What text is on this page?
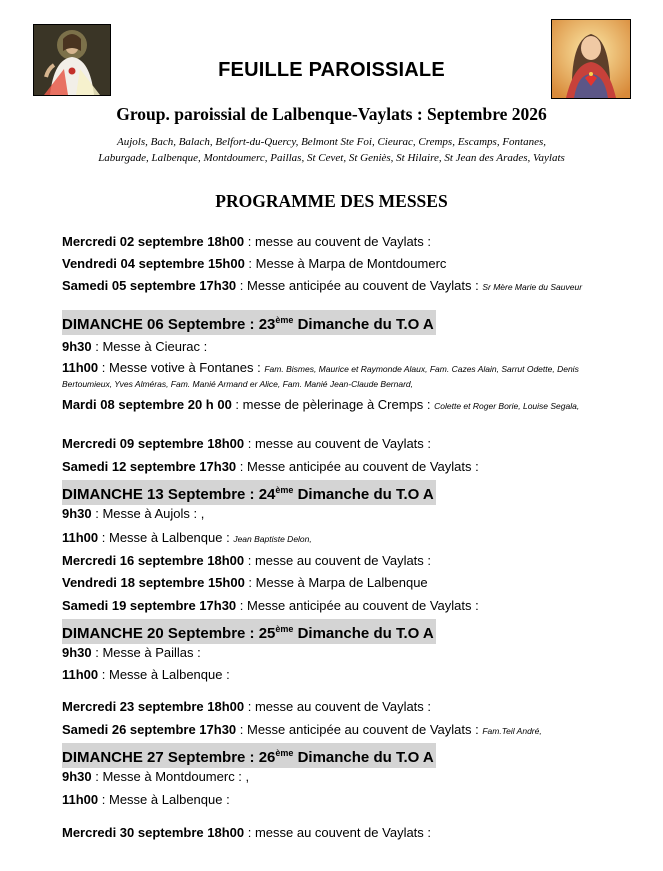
FEUILLE PAROISSIALE
Group. paroissial de Lalbenque-Vaylats : Septembre 2026
Aujols, Bach, Balach, Belfort-du-Quercy, Belmont Ste Foi, Cieurac, Cremps, Escamps, Fontanes,
Laburgade, Lalbenque, Montdoumerc, Paillas, St Cevet, St Geniès, St Hilaire, St Jean des Arades, Vaylats
PROGRAMME DES MESSES
Mercredi 02 septembre 18h00 : messe au couvent de Vaylats :
Vendredi 04 septembre 15h00 : Messe à Marpa de Montdoumerc
Samedi 05 septembre 17h30 : Messe anticipée au couvent de Vaylats : Sr Mère Marie du Sauveur
DIMANCHE 06 Septembre : 23ème Dimanche du T.O A
9h30 : Messe à Cieurac :
11h00 : Messe votive à Fontanes : Fam. Bismes, Maurice et Raymonde Alaux, Fam. Cazes Alain, Sarrut Odette, Denis Bertoumieux, Yves Alméras, Fam. Manié Armand er Alice, Fam. Manié Jean-Claude Bernard,
Mardi 08 septembre 20 h 00 : messe de pèlerinage à Cremps : Colette et Roger Borie, Louise Segala,
Mercredi 09 septembre 18h00 : messe au couvent de Vaylats :
Samedi 12 septembre 17h30 : Messe anticipée au couvent de Vaylats :
DIMANCHE 13 Septembre : 24ème Dimanche du T.O A
9h30 : Messe à Aujols : ,
11h00 : Messe à Lalbenque : Jean Baptiste Delon,
Mercredi 16 septembre 18h00 : messe au couvent de Vaylats :
Vendredi 18 septembre 15h00 : Messe à Marpa de Lalbenque
Samedi 19 septembre 17h30 : Messe anticipée au couvent de Vaylats :
DIMANCHE 20 Septembre : 25ème Dimanche du T.O A
9h30 : Messe à Paillas :
11h00 : Messe à Lalbenque :
Mercredi 23 septembre 18h00 : messe au couvent de Vaylats :
Samedi 26 septembre 17h30 : Messe anticipée au couvent de Vaylats : Fam.Teil André,
DIMANCHE 27 Septembre : 26ème Dimanche du T.O A
9h30 : Messe à Montdoumerc : ,
11h00 : Messe à Lalbenque :
Mercredi 30 septembre 18h00 : messe au couvent de Vaylats :
